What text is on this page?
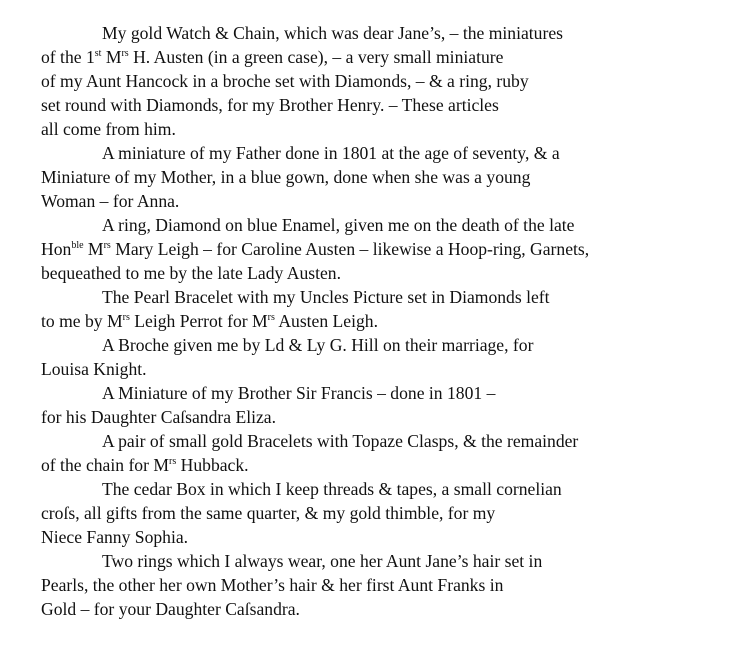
My gold Watch & Chain, which was dear Jane’s, – the miniatures
of the 1st $M^{rs}$ H. Austen (in a green case), – a very small miniature
of my Aunt Hancock in a broche set with Diamonds, – & a ring, ruby
set round with Diamonds, for my Brother Henry. – These articles
all come from him.
A miniature of my Father done in 1801 at the age of seventy, & a
Miniature of my Mother, in a blue gown, done when she was a young
Woman – for Anna.
A ring, Diamond on blue Enamel, given me on the death of the late
Hon$^{ble}$ $M^{rs}$ Mary Leigh – for Caroline Austen – likewise a Hoop-ring, Garnets,
bequeathed to me by the late Lady Austen.
The Pearl Bracelet with my Uncles Picture set in Diamonds left
to me by $M^{rs}$ Leigh Perrot for $M^{rs}$ Austen Leigh.
A Broche given me by Ld & Ly G. Hill on their marriage, for
Louisa Knight.
A Miniature of my Brother Sir Francis – done in 1801 –
for his Daughter Caſsandra Eliza.
A pair of small gold Bracelets with Topaze Clasps, & the remainder
of the chain for $M^{rs}$ Hubback.
The cedar Box in which I keep threads & tapes, a small cornelian
croſs, all gifts from the same quarter, & my gold thimble, for my
Niece Fanny Sophia.
Two rings which I always wear, one her Aunt Jane’s hair set in
Pearls, the other her own Mother’s hair & her first Aunt Franks in
Gold – for your Daughter Caſsandra.
